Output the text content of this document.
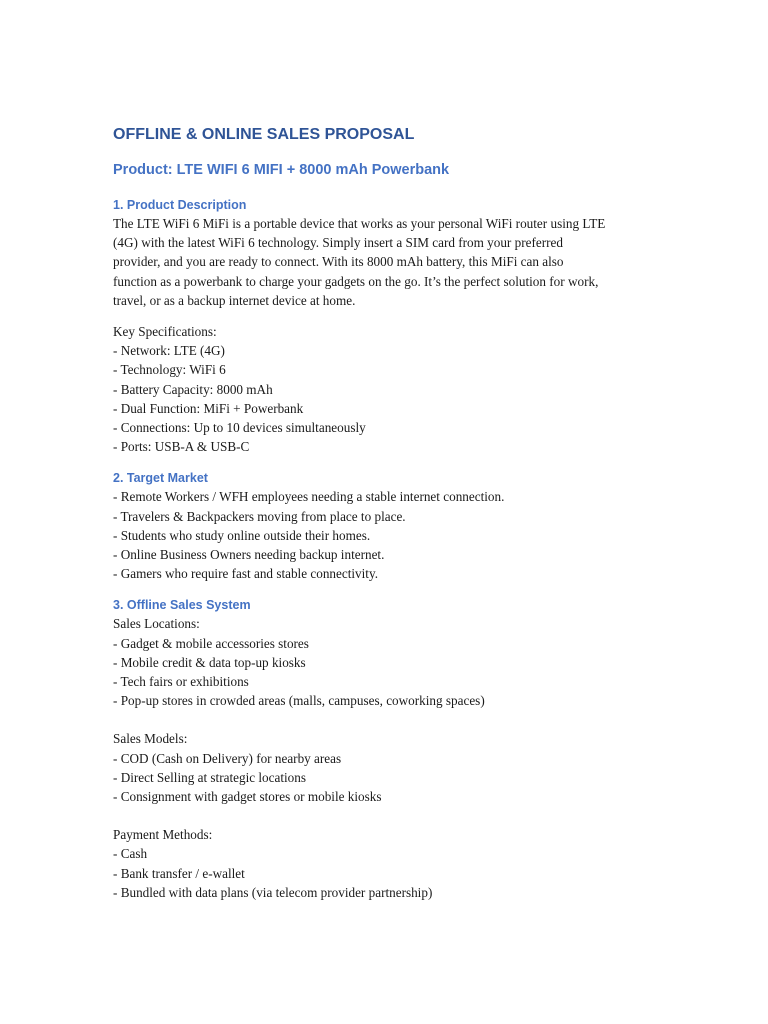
OFFLINE & ONLINE SALES PROPOSAL
Product: LTE WIFI 6 MIFI + 8000 mAh Powerbank
1. Product Description
The LTE WiFi 6 MiFi is a portable device that works as your personal WiFi router using LTE
(4G) with the latest WiFi 6 technology. Simply insert a SIM card from your preferred
provider, and you are ready to connect. With its 8000 mAh battery, this MiFi can also
function as a powerbank to charge your gadgets on the go. It’s the perfect solution for work,
travel, or as a backup internet device at home.
Key Specifications:
- Network: LTE (4G)
- Technology: WiFi 6
- Battery Capacity: 8000 mAh
- Dual Function: MiFi + Powerbank
- Connections: Up to 10 devices simultaneously
- Ports: USB-A & USB-C
2. Target Market
- Remote Workers / WFH employees needing a stable internet connection.
- Travelers & Backpackers moving from place to place.
- Students who study online outside their homes.
- Online Business Owners needing backup internet.
- Gamers who require fast and stable connectivity.
3. Offline Sales System
Sales Locations:
- Gadget & mobile accessories stores
- Mobile credit & data top-up kiosks
- Tech fairs or exhibitions
- Pop-up stores in crowded areas (malls, campuses, coworking spaces)
Sales Models:
- COD (Cash on Delivery) for nearby areas
- Direct Selling at strategic locations
- Consignment with gadget stores or mobile kiosks
Payment Methods:
- Cash
- Bank transfer / e-wallet
- Bundled with data plans (via telecom provider partnership)
